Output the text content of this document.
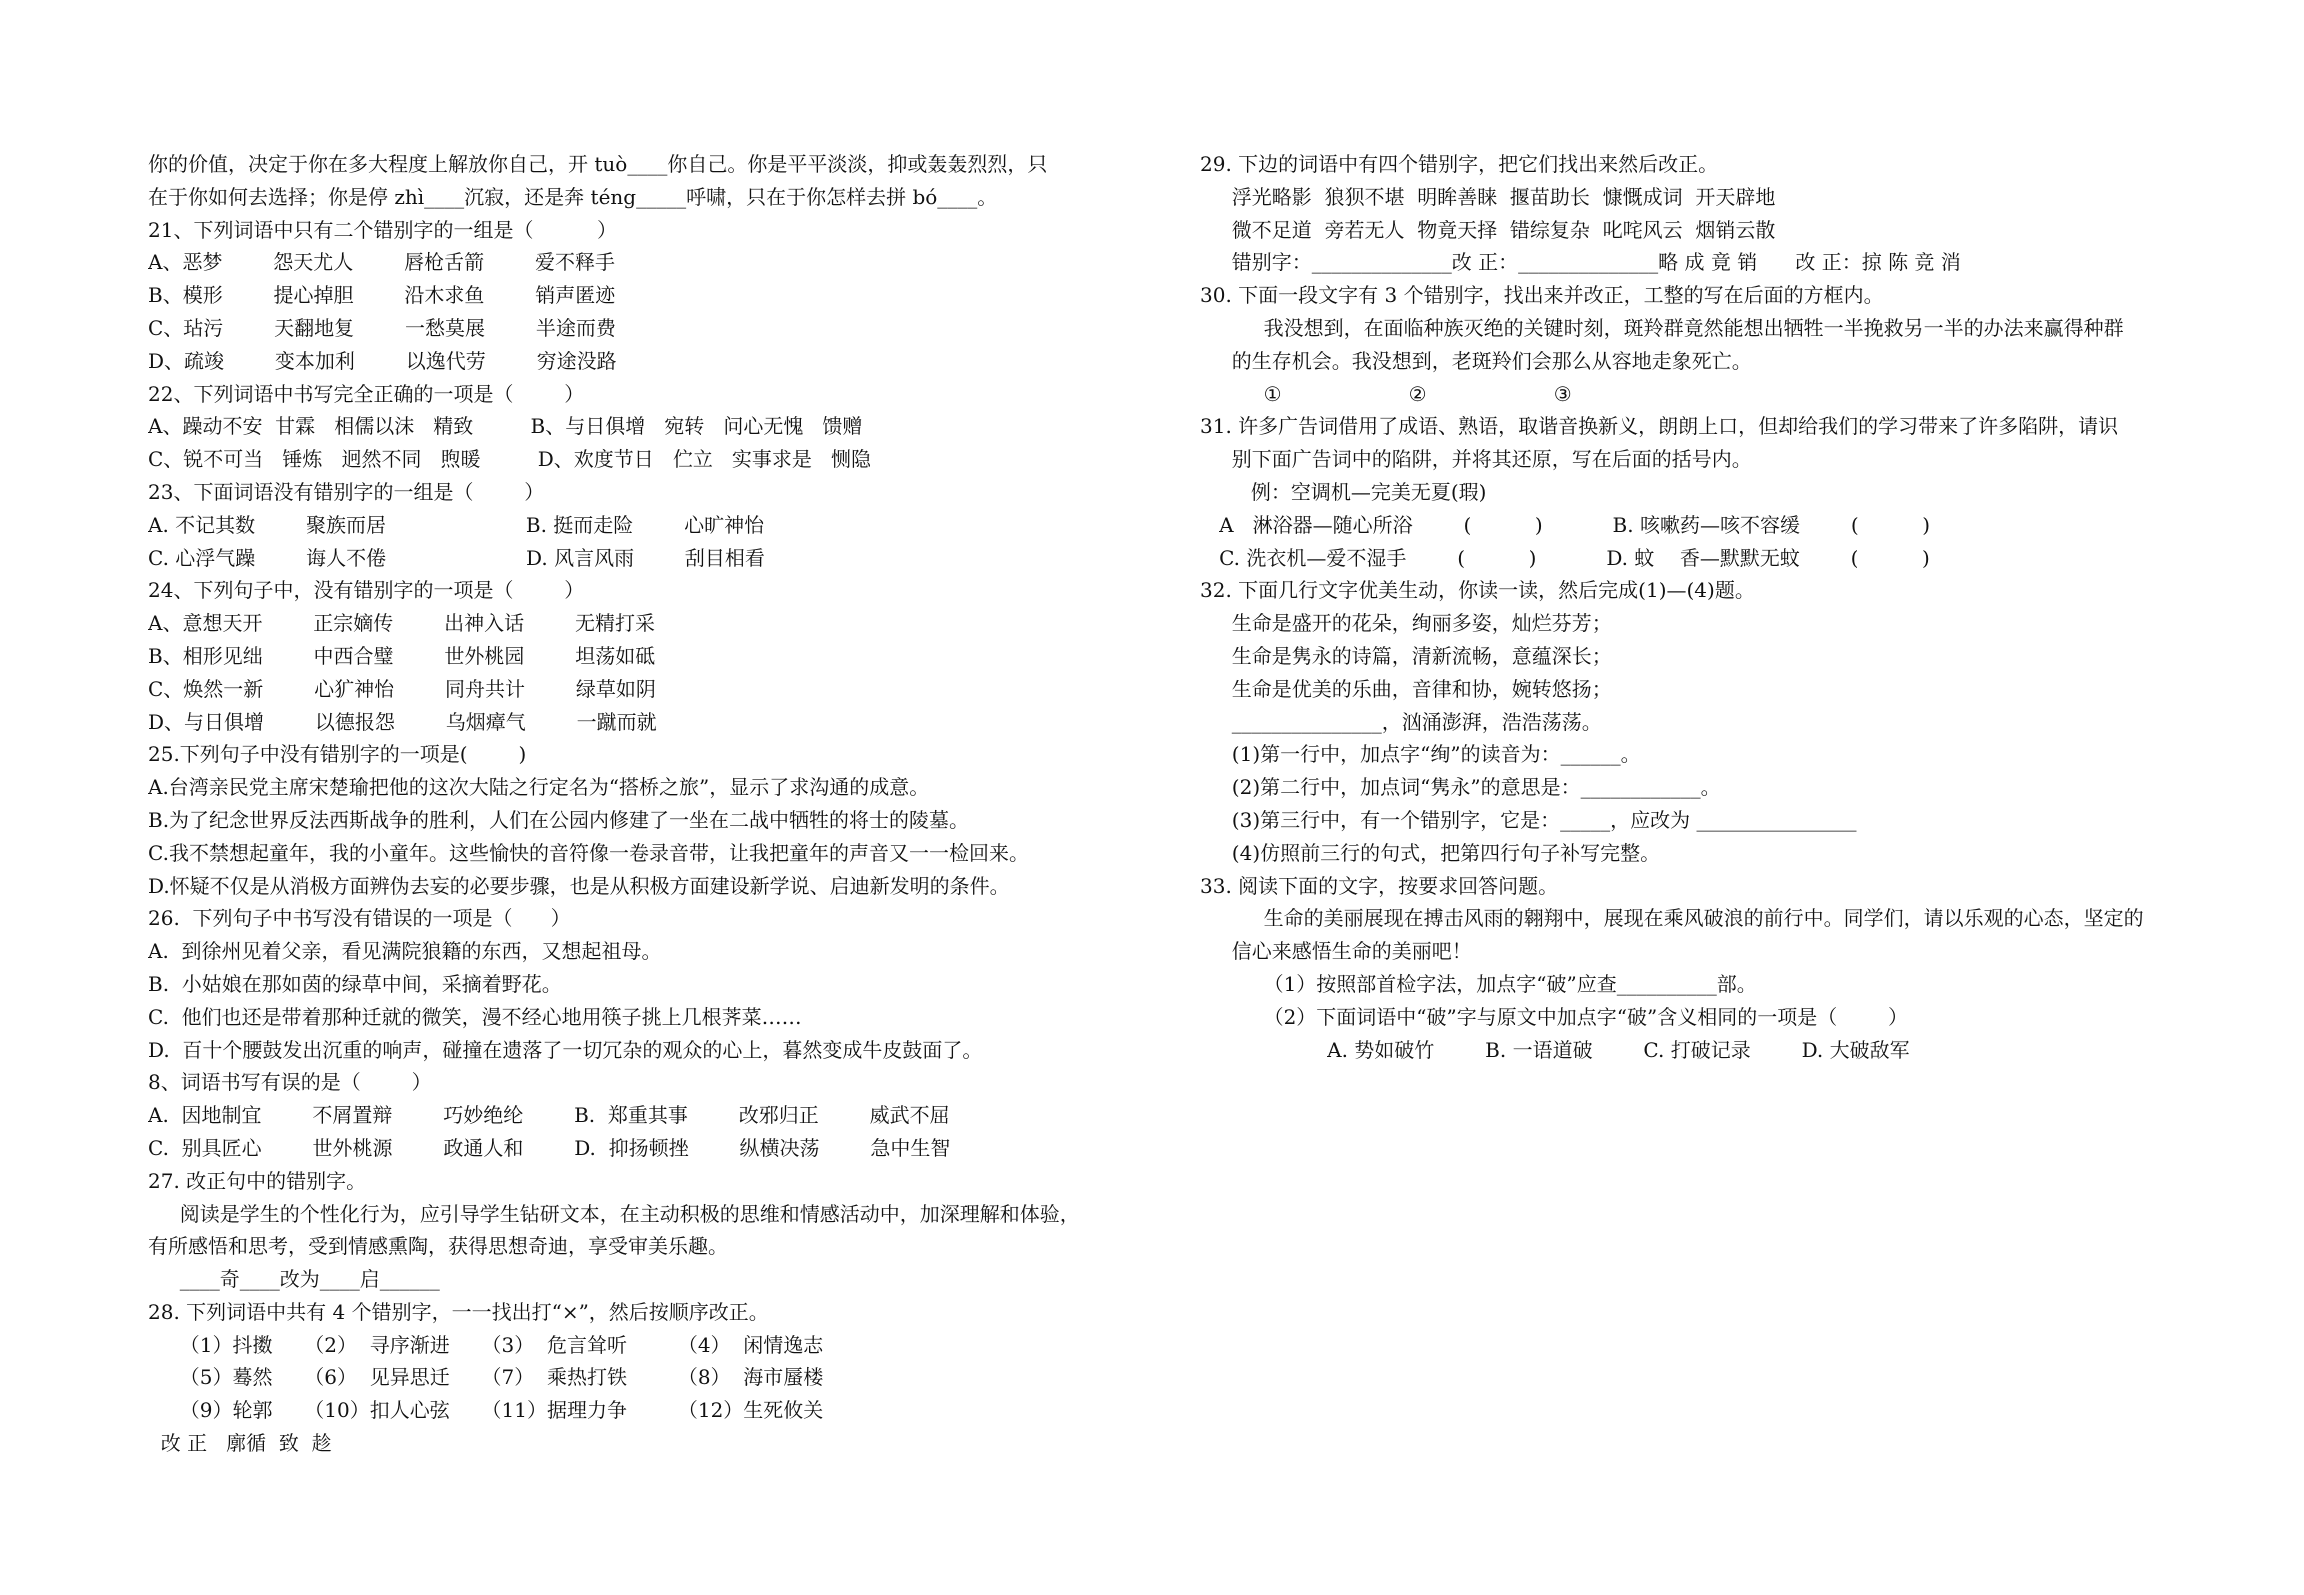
你的价值，决定于你在多大程度上解放你自己，开 tuò____你自己。你是平平淡淡，抑或轰轰烈烈，只
在于你如何去选择；你是停 zhì____沉寂，还是奔 téng_____呼啸，只在于你怎样去拼 bó____。
21、下列词语中只有二个错别字的一组是（          ）
A、恶梦        怨天尤人        唇枪舌箭        爱不释手
B、模形        提心掉胆        沿木求鱼        销声匿迹
C、玷污        天翻地复        一愁莫展        半途而费
D、疏竣        变本加利        以逸代劳        穷途没路
22、下列词语中书写完全正确的一项是（        ）
A、躁动不安  甘霖   相儒以沫   精致         B、与日俱增   宛转   问心无愧   馈赠
C、锐不可当   锤炼   迥然不同   煦暖         D、欢度节日   伫立   实事求是   恻隐
23、下面词语没有错别字的一组是（        ）
A. 不记其数        聚族而居                      B. 挺而走险        心旷神怡
C. 心浮气躁        诲人不倦                      D. 风言风雨        刮目相看
24、下列句子中，没有错别字的一项是（        ）
A、意想天开        正宗嫡传        出神入话        无精打采
B、相形见绌        中西合璧        世外桃园        坦荡如砥
C、焕然一新        心犷神怡        同舟共计        绿草如阴
D、与日俱增        以德报怨        乌烟瘴气        一蹴而就
25.下列句子中没有错别字的一项是(        )
A.台湾亲民党主席宋楚瑜把他的这次大陆之行定名为“搭桥之旅”，显示了求沟通的成意。
B.为了纪念世界反法西斯战争的胜利，人们在公园内修建了一坐在二战中牺牲的将士的陵墓。
C.我不禁想起童年，我的小童年。这些愉快的音符像一卷录音带，让我把童年的声音又一一检回来。
D.怀疑不仅是从消极方面辨伪去妄的必要步骤，也是从积极方面建设新学说、启迪新发明的条件。
26.  下列句子中书写没有错误的一项是（      ）
A.  到徐州见着父亲，看见满院狼籍的东西，又想起祖母。
B.  小姑娘在那如茵的绿草中间，采摘着野花。
C.  他们也还是带着那种迁就的微笑，漫不经心地用筷子挑上几根荠菜……
D.  百十个腰鼓发出沉重的响声，碰撞在遗落了一切冗杂的观众的心上，暮然变成牛皮鼓面了。
8、词语书写有误的是（        ）
A.  因地制宜        不屑置辩        巧妙绝纶        B.  郑重其事        改邪归正        威武不屈
C.  别具匠心        世外桃源        政通人和        D.  抑扬顿挫        纵横决荡        急中生智
27. 改正句中的错别字。
阅读是学生的个性化行为，应引导学生钻研文本，在主动积极的思维和情感活动中，加深理解和体验，
有所感悟和思考，受到情感熏陶，获得思想奇迪，享受审美乐趣。
____奇____改为____启______
28. 下列词语中共有 4 个错别字，一一找出打“×”，然后按顺序改正。
（1）抖擞     （2）  寻序渐进     （3）  危言耸听        （4）  闲情逸志
（5）蓦然     （6）  见异思迁     （7）  乘热打铁        （8）  海市蜃楼
（9）轮郭     （10）扣人心弦     （11）据理力争        （12）生死攸关
改 正   廓循  致  趁
29. 下边的词语中有四个错别字，把它们找出来然后改正。
浮光略影  狼狈不堪  明眸善睐  揠苗助长  慷慨成词  开天辟地
微不足道  旁若无人  物竟天择  错综复杂  叱咤风云  烟销云散
错别字：______________改 正：______________略 成 竟 销      改 正：掠 陈 竞 消
30. 下面一段文字有 3 个错别字，找出来并改正，工整的写在后面的方框内。
我没想到，在面临种族灭绝的关键时刻，斑羚群竟然能想出牺牲一半挽救另一半的办法来赢得种群
的生存机会。我没想到，老斑羚们会那么从容地走象死亡。
①                    ②                    ③
31. 许多广告词借用了成语、熟语，取谐音换新义，朗朗上口，但却给我们的学习带来了许多陷阱，请识
别下面广告词中的陷阱，并将其还原，写在后面的括号内。
例：空调机—完美无夏(瑕)
A   淋浴器—随心所浴        (          )           B. 咳嗽药—咳不容缓        (          )
C. 洗衣机—爱不湿手        (          )           D. 蚊    香—默默无蚊        (          )
32. 下面几行文字优美生动，你读一读，然后完成(1)—(4)题。
生命是盛开的花朵，绚丽多姿，灿烂芬芳；
生命是隽永的诗篇，清新流畅，意蕴深长；
生命是优美的乐曲，音律和协，婉转悠扬；
_______________，汹涌澎湃，浩浩荡荡。
(1)第一行中，加点字“绚”的读音为：______。
(2)第二行中，加点词“隽永”的意思是：____________。
(3)第三行中，有一个错别字，它是：_____，应改为 ________________
(4)仿照前三行的句式，把第四行句子补写完整。
33. 阅读下面的文字，按要求回答问题。
生命的美丽展现在搏击风雨的翱翔中，展现在乘风破浪的前行中。同学们，请以乐观的心态，坚定的
信心来感悟生命的美丽吧！
（1）按照部首检字法，加点字“破”应查__________部。
（2）下面词语中“破”字与原文中加点字“破”含义相同的一项是（        ）
A. 势如破竹        B. 一语道破        C. 打破记录        D. 大破敌军
